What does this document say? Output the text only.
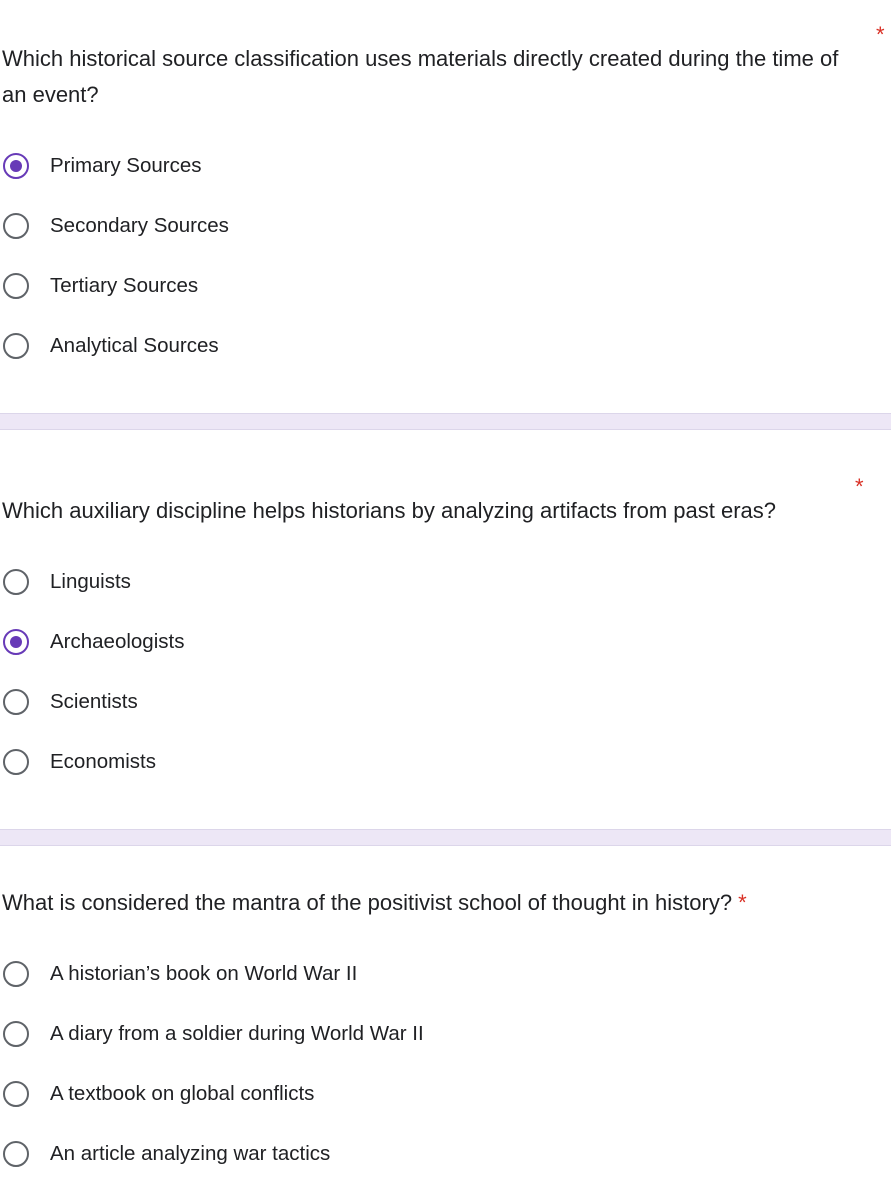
*
Which historical source classification uses materials directly created during the time of an event?
Primary Sources
Secondary Sources
Tertiary Sources
Analytical Sources
*
Which auxiliary discipline helps historians by analyzing artifacts from past eras?
Linguists
Archaeologists
Scientists
Economists
What is considered the mantra of the positivist school of thought in history? *
A historian’s book on World War II
A diary from a soldier during World War II
A textbook on global conflicts
An article analyzing war tactics
